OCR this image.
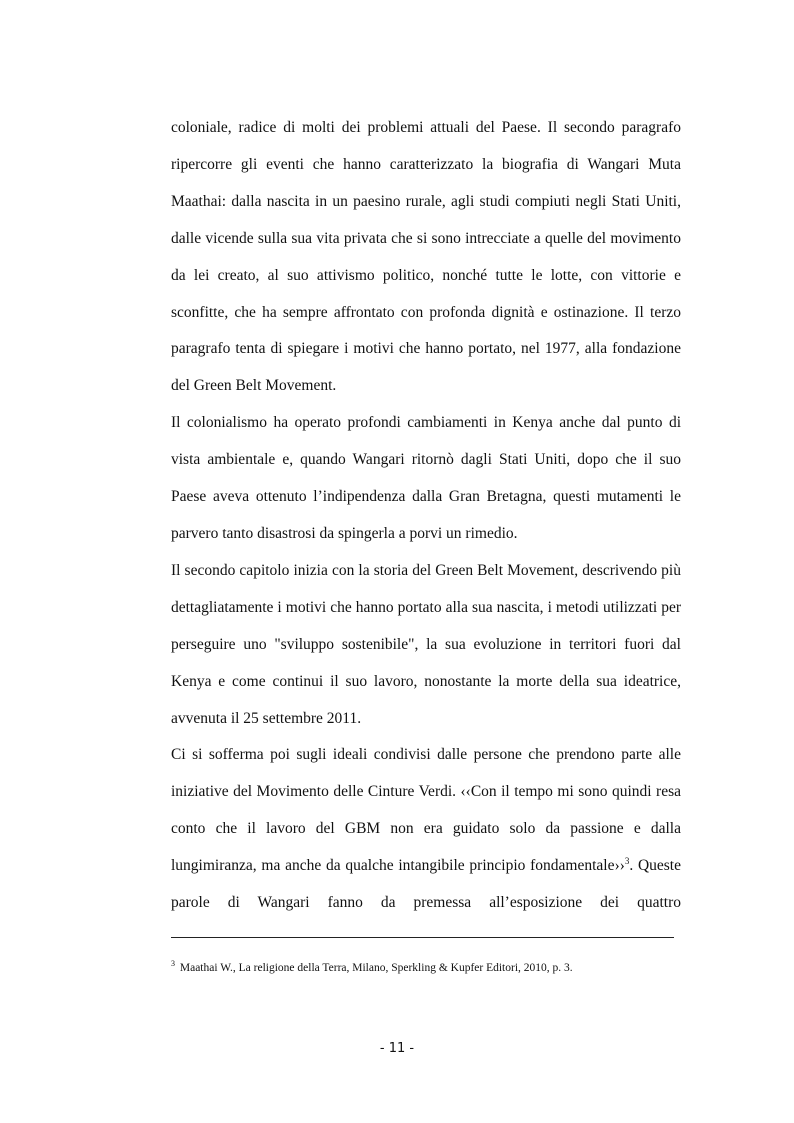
coloniale, radice di molti dei problemi attuali del Paese. Il secondo paragrafo ripercorre gli eventi che hanno caratterizzato la biografia di Wangari Muta Maathai: dalla nascita in un paesino rurale, agli studi compiuti negli Stati Uniti, dalle vicende sulla sua vita privata che si sono intrecciate a quelle del movimento da lei creato, al suo attivismo politico, nonché tutte le lotte, con vittorie e sconfitte, che ha sempre affrontato con profonda dignità e ostinazione. Il terzo paragrafo tenta di spiegare i motivi che hanno portato, nel 1977, alla fondazione del Green Belt Movement.

Il colonialismo ha operato profondi cambiamenti in Kenya anche dal punto di vista ambientale e, quando Wangari ritornò dagli Stati Uniti, dopo che il suo Paese aveva ottenuto l’indipendenza dalla Gran Bretagna, questi mutamenti le parvero tanto disastrosi da spingerla a porvi un rimedio.

Il secondo capitolo inizia con la storia del Green Belt Movement, descrivendo più dettagliatamente i motivi che hanno portato alla sua nascita, i metodi utilizzati per perseguire uno "sviluppo sostenibile", la sua evoluzione in territori fuori dal Kenya e come continui il suo lavoro, nonostante la morte della sua ideatrice, avvenuta il 25 settembre 2011.

Ci si sofferma poi sugli ideali condivisi dalle persone che prendono parte alle iniziative del Movimento delle Cinture Verdi. ‹‹Con il tempo mi sono quindi resa conto che il lavoro del GBM non era guidato solo da passione e dalla lungimiranza, ma anche da qualche intangibile principio fondamentale››$^3$. Queste parole di Wangari fanno da premessa all’esposizione dei quattro

$^3$ Maathai W., La religione della Terra, Milano, Sperkling & Kupfer Editori, 2010, p. 3.
- 11 -
